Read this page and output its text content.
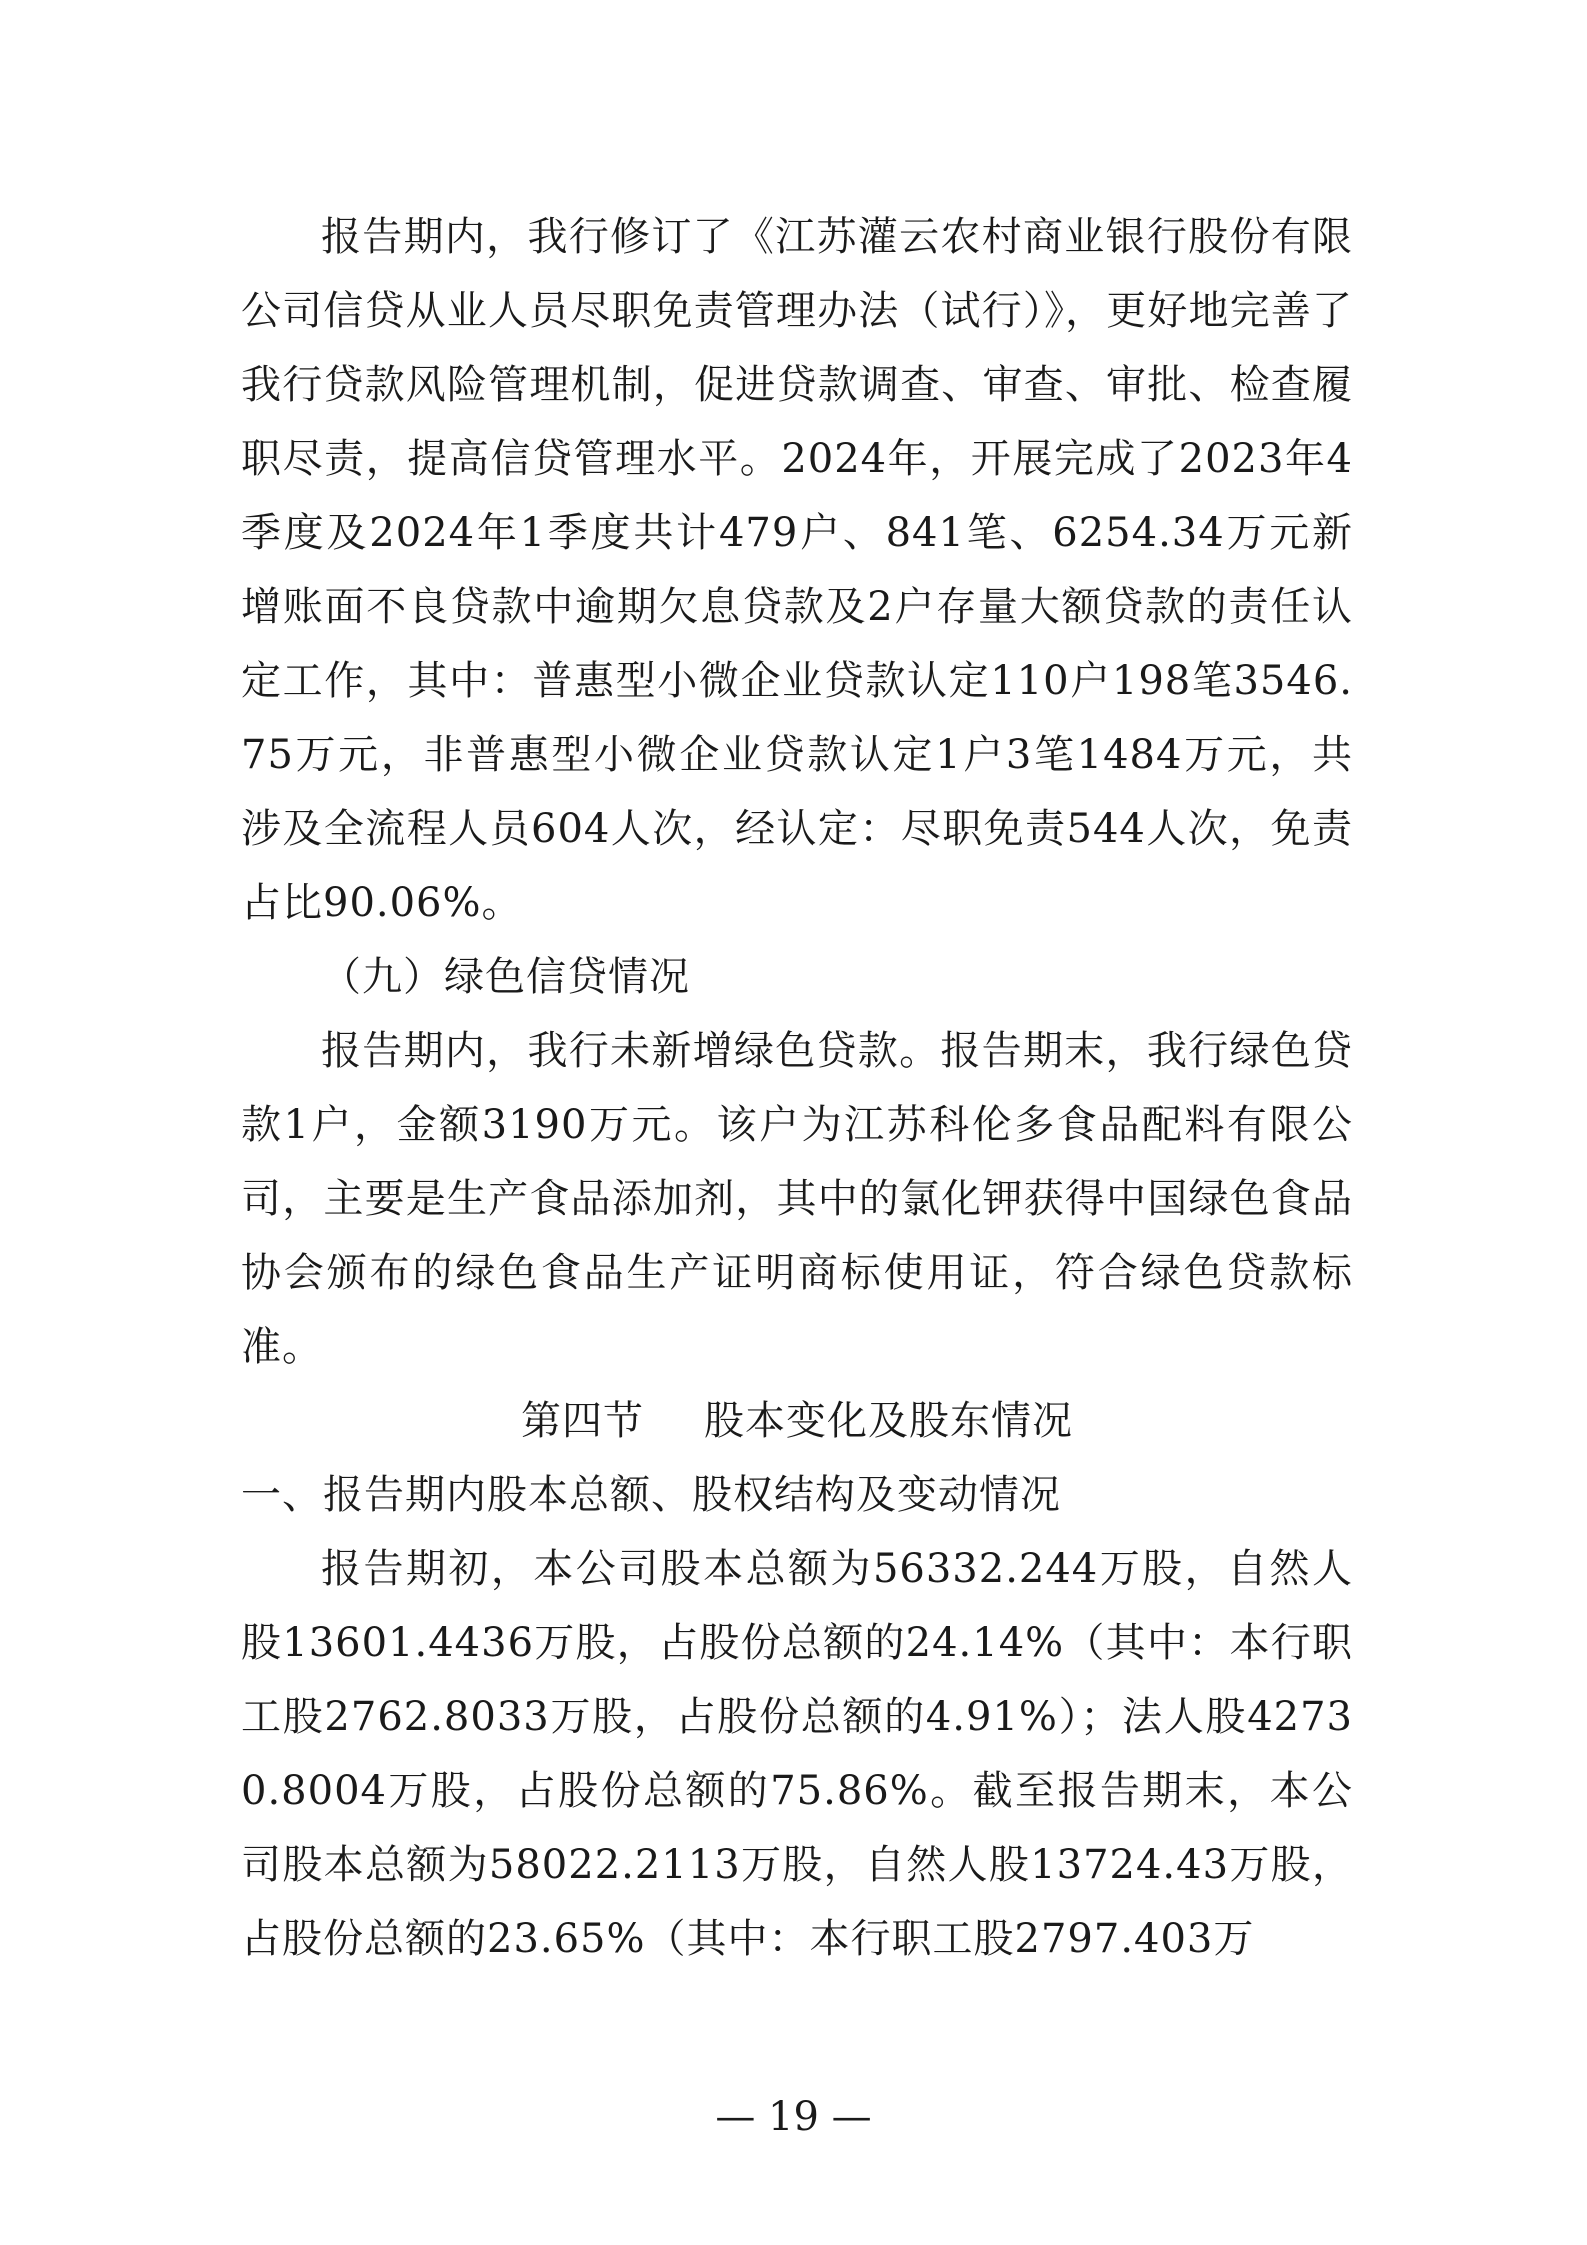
报告期内，我行修订了《江苏灌云农村商业银行股份有限公司信贷从业人员尽职免责管理办法（试行）》，更好地完善了我行贷款风险管理机制，促进贷款调查、审查、审批、检查履职尽责，提高信贷管理水平。2024年，开展完成了2023年4季度及2024年1季度共计479户、841笔、6254.34万元新增账面不良贷款中逾期欠息贷款及2户存量大额贷款的责任认定工作，其中：普惠型小微企业贷款认定110户198笔3546.75万元，非普惠型小微企业贷款认定1户3笔1484万元，共涉及全流程人员604人次，经认定：尽职免责544人次，免责占比90.06%。

（九）绿色信贷情况

报告期内，我行未新增绿色贷款。报告期末，我行绿色贷款1户，金额3190万元。该户为江苏科伦多食品配料有限公司，主要是生产食品添加剂，其中的氯化钾获得中国绿色食品协会颁布的绿色食品生产证明商标使用证，符合绿色贷款标准。

第四节 股本变化及股东情况

一、报告期内股本总额、股权结构及变动情况

报告期初，本公司股本总额为56332.244万股，自然人股13601.4436万股，占股份总额的24.14%（其中：本行职工股2762.8033万股，占股份总额的4.91%）；法人股42730.8004万股，占股份总额的75.86%。截至报告期末，本公司股本总额为58022.2113万股，自然人股13724.43万股，占股份总额的23.65%（其中：本行职工股2797.403万

— 19 —
